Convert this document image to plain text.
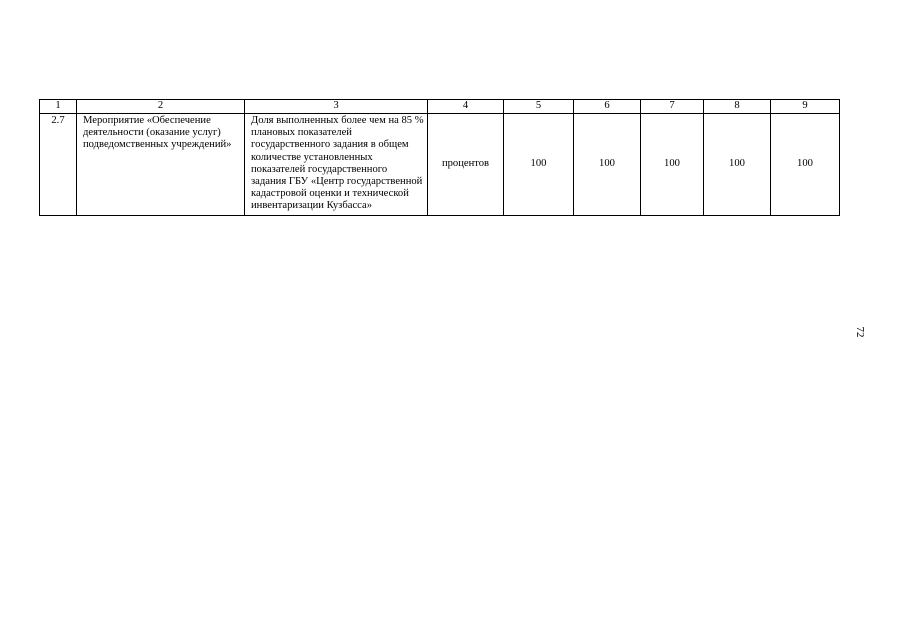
1	2	3	4	5	6	7	8	9
2.7	Мероприятие «Обеспечение деятельности (оказание услуг) подведомственных учреждений»	Доля выполненных более чем на 85 % плановых показателей государственного задания в общем количестве установленных показателей государственного задания ГБУ «Центр государственной кадастровой оценки и технической инвентаризации Кузбасса»	процентов	100	100	100	100	100
72
